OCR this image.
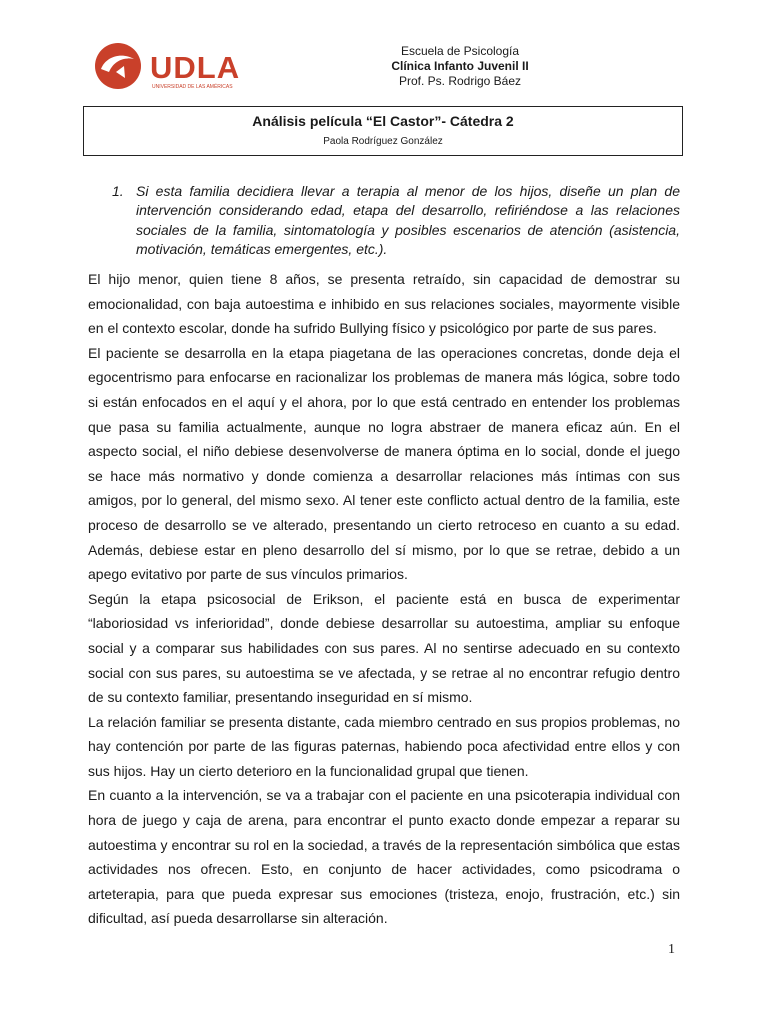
UDLA
UNIVERSIDAD DE LAS AMÉRICAS
Escuela de Psicología
Clínica Infanto Juvenil II
Prof. Ps. Rodrigo Báez
Análisis película “El Castor”- Cátedra 2
Paola Rodríguez González
1. Si esta familia decidiera llevar a terapia al menor de los hijos, diseñe un plan de intervención considerando edad, etapa del desarrollo, refiriéndose a las relaciones sociales de la familia, sintomatología y posibles escenarios de atención (asistencia, motivación, temáticas emergentes, etc.).

El hijo menor, quien tiene 8 años, se presenta retraído, sin capacidad de demostrar su emocionalidad, con baja autoestima e inhibido en sus relaciones sociales, mayormente visible en el contexto escolar, donde ha sufrido Bullying físico y psicológico por parte de sus pares.

El paciente se desarrolla en la etapa piagetana de las operaciones concretas, donde deja el egocentrismo para enfocarse en racionalizar los problemas de manera más lógica, sobre todo si están enfocados en el aquí y el ahora, por lo que está centrado en entender los problemas que pasa su familia actualmente, aunque no logra abstraer de manera eficaz aún. En el aspecto social, el niño debiese desenvolverse de manera óptima en lo social, donde el juego se hace más normativo y donde comienza a desarrollar relaciones más íntimas con sus amigos, por lo general, del mismo sexo. Al tener este conflicto actual dentro de la familia, este proceso de desarrollo se ve alterado, presentando un cierto retroceso en cuanto a su edad. Además, debiese estar en pleno desarrollo del sí mismo, por lo que se retrae, debido a un apego evitativo por parte de sus vínculos primarios.

Según la etapa psicosocial de Erikson, el paciente está en busca de experimentar “laboriosidad vs inferioridad”, donde debiese desarrollar su autoestima, ampliar su enfoque social y a comparar sus habilidades con sus pares. Al no sentirse adecuado en su contexto social con sus pares, su autoestima se ve afectada, y se retrae al no encontrar refugio dentro de su contexto familiar, presentando inseguridad en sí mismo.

La relación familiar se presenta distante, cada miembro centrado en sus propios problemas, no hay contención por parte de las figuras paternas, habiendo poca afectividad entre ellos y con sus hijos. Hay un cierto deterioro en la funcionalidad grupal que tienen.

En cuanto a la intervención, se va a trabajar con el paciente en una psicoterapia individual con hora de juego y caja de arena, para encontrar el punto exacto donde empezar a reparar su autoestima y encontrar su rol en la sociedad, a través de la representación simbólica que estas actividades nos ofrecen. Esto, en conjunto de hacer actividades, como psicodrama o arteterapia, para que pueda expresar sus emociones (tristeza, enojo, frustración, etc.) sin dificultad, así pueda desarrollarse sin alteración.

1
